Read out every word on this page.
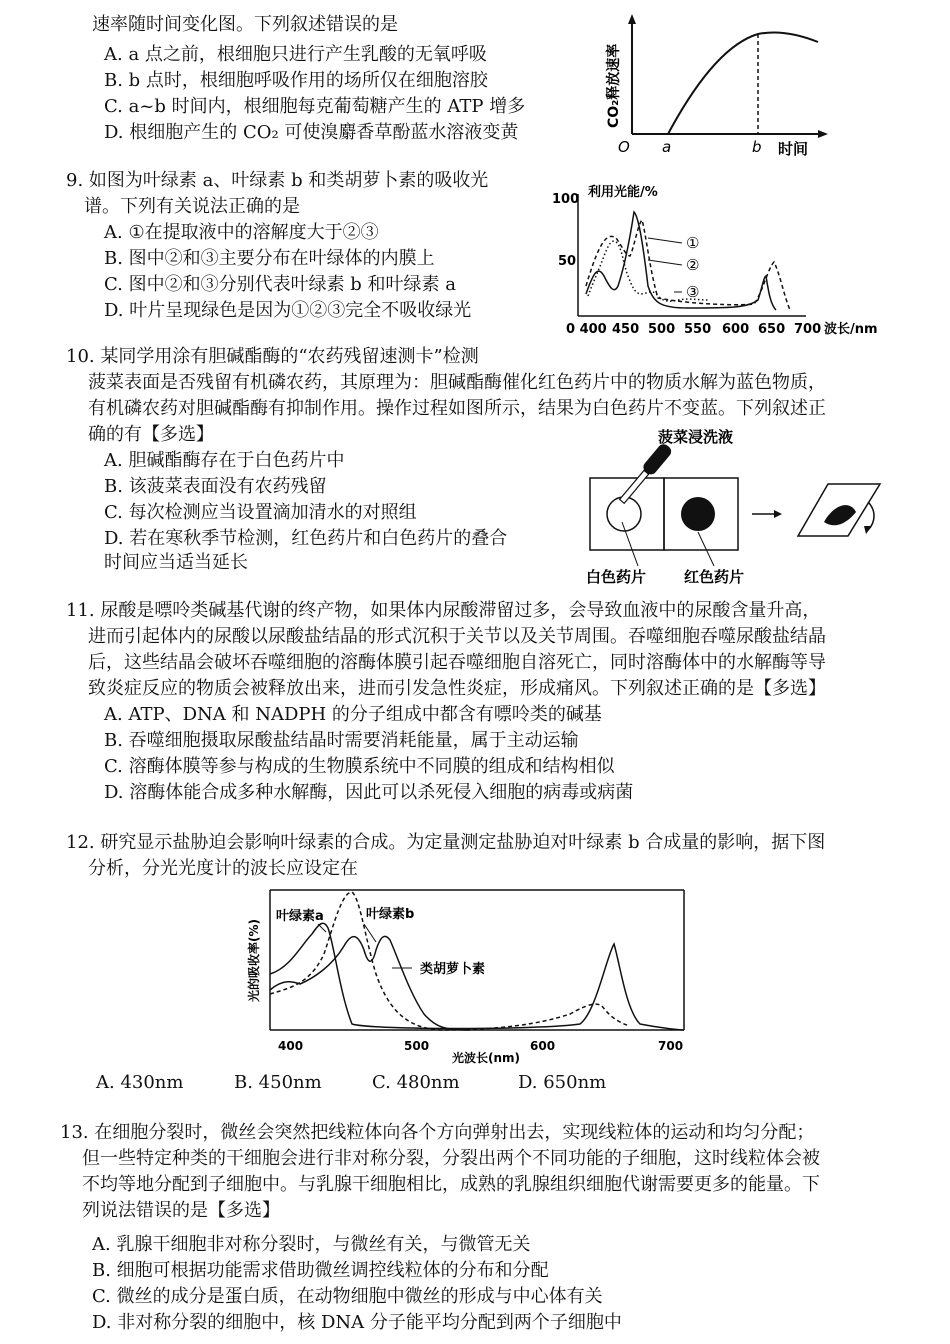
速率随时间变化图。下列叙述错误的是
A. a 点之前，根细胞只进行产生乳酸的无氧呼吸
B. b 点时，根细胞呼吸作用的场所仅在细胞溶胶
C. a~b 时间内，根细胞每克葡萄糖产生的 ATP 增多
D. 根细胞产生的 CO₂ 可使溴麝香草酚蓝水溶液变黄
CO₂释放速率
O a	b 时间
9. 如图为叶绿素 a、叶绿素 b 和类胡萝卜素的吸收光
谱。下列有关说法正确的是
A. ①在提取液中的溶解度大于②③
B. 图中②和③主要分布在叶绿体的内膜上
C. 图中②和③分别代表叶绿素 b 和叶绿素 a
D. 叶片呈现绿色是因为①②③完全不吸收绿光
100
50
利用光能/%
①
②
③
0 400 450 500 550 600 650 700 波长/nm
10. 某同学用涂有胆碱酯酶的“农药残留速测卡”检测
菠菜表面是否残留有机磷农药，其原理为：胆碱酯酶催化红色药片中的物质水解为蓝色物质，
有机磷农药对胆碱酯酶有抑制作用。操作过程如图所示，结果为白色药片不变蓝。下列叙述正
确的有【多选】
A. 胆碱酯酶存在于白色药片中
B. 该菠菜表面没有农药残留
C. 每次检测应当设置滴加清水的对照组
D. 若在寒秋季节检测，红色药片和白色药片的叠合
时间应当适当延长
菠菜浸洗液
白色药片	红色药片
11. 尿酸是嘌呤类碱基代谢的终产物，如果体内尿酸滞留过多，会导致血液中的尿酸含量升高，
进而引起体内的尿酸以尿酸盐结晶的形式沉积于关节以及关节周围。吞噬细胞吞噬尿酸盐结晶
后，这些结晶会破坏吞噬细胞的溶酶体膜引起吞噬细胞自溶死亡，同时溶酶体中的水解酶等导
致炎症反应的物质会被释放出来，进而引发急性炎症，形成痛风。下列叙述正确的是【多选】
A. ATP、DNA 和 NADPH 的分子组成中都含有嘌呤类的碱基
B. 吞噬细胞摄取尿酸盐结晶时需要消耗能量，属于主动运输
C. 溶酶体膜等参与构成的生物膜系统中不同膜的组成和结构相似
D. 溶酶体能合成多种水解酶，因此可以杀死侵入细胞的病毒或病菌
12. 研究显示盐胁迫会影响叶绿素的合成。为定量测定盐胁迫对叶绿素 b 合成量的影响，据下图
分析，分光光度计的波长应设定在
光的吸收率(%)
叶绿素a	叶绿素b
类胡萝卜素
400	500	600	700
光波长(nm)
A. 430nm	B. 450nm	C. 480nm	D. 650nm
13. 在细胞分裂时，微丝会突然把线粒体向各个方向弹射出去，实现线粒体的运动和均匀分配；
但一些特定种类的干细胞会进行非对称分裂，分裂出两个不同功能的子细胞，这时线粒体会被
不均等地分配到子细胞中。与乳腺干细胞相比，成熟的乳腺组织细胞代谢需要更多的能量。下
列说法错误的是【多选】
A. 乳腺干细胞非对称分裂时，与微丝有关，与微管无关
B. 细胞可根据功能需求借助微丝调控线粒体的分布和分配
C. 微丝的成分是蛋白质，在动物细胞中微丝的形成与中心体有关
D. 非对称分裂的细胞中，核 DNA 分子能平均分配到两个子细胞中
